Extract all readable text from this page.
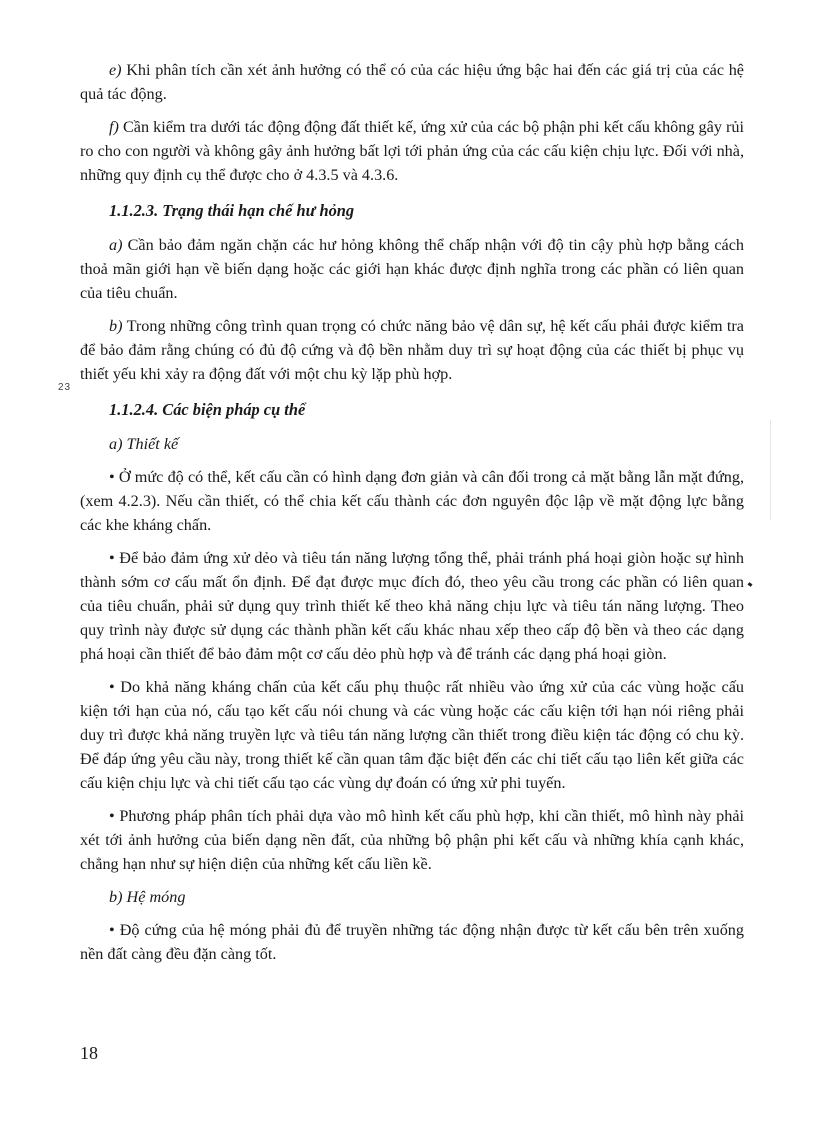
e) Khi phân tích cần xét ảnh hưởng có thể có của các hiệu ứng bậc hai đến các giá trị của các hệ quả tác động.

f) Cần kiểm tra dưới tác động động đất thiết kế, ứng xử của các bộ phận phi kết cấu không gây rủi ro cho con người và không gây ảnh hưởng bất lợi tới phản ứng của các cấu kiện chịu lực. Đối với nhà, những quy định cụ thể được cho ở 4.3.5 và 4.3.6.

1.1.2.3. Trạng thái hạn chế hư hỏng

a) Cần bảo đảm ngăn chặn các hư hỏng không thể chấp nhận với độ tin cậy phù hợp bằng cách thoả mãn giới hạn về biến dạng hoặc các giới hạn khác được định nghĩa trong các phần có liên quan của tiêu chuẩn.

b) Trong những công trình quan trọng có chức năng bảo vệ dân sự, hệ kết cấu phải được kiểm tra để bảo đảm rằng chúng có đủ độ cứng và độ bền nhằm duy trì sự hoạt động của các thiết bị phục vụ thiết yếu khi xảy ra động đất với một chu kỳ lặp phù hợp.

1.1.2.4. Các biện pháp cụ thể

a) Thiết kế

• Ở mức độ có thể, kết cấu cần có hình dạng đơn giản và cân đối trong cả mặt bằng lẫn mặt đứng, (xem 4.2.3). Nếu cần thiết, có thể chia kết cấu thành các đơn nguyên độc lập về mặt động lực bằng các khe kháng chấn.

• Để bảo đảm ứng xử dẻo và tiêu tán năng lượng tổng thể, phải tránh phá hoại giòn hoặc sự hình thành sớm cơ cấu mất ổn định. Để đạt được mục đích đó, theo yêu cầu trong các phần có liên quan của tiêu chuẩn, phải sử dụng quy trình thiết kế theo khả năng chịu lực và tiêu tán năng lượng. Theo quy trình này được sử dụng các thành phần kết cấu khác nhau xếp theo cấp độ bền và theo các dạng phá hoại cần thiết để bảo đảm một cơ cấu dẻo phù hợp và để tránh các dạng phá hoại giòn.

• Do khả năng kháng chấn của kết cấu phụ thuộc rất nhiều vào ứng xử của các vùng hoặc cấu kiện tới hạn của nó, cấu tạo kết cấu nói chung và các vùng hoặc các cấu kiện tới hạn nói riêng phải duy trì được khả năng truyền lực và tiêu tán năng lượng cần thiết trong điều kiện tác động có chu kỳ. Để đáp ứng yêu cầu này, trong thiết kế cần quan tâm đặc biệt đến các chi tiết cấu tạo liên kết giữa các cấu kiện chịu lực và chi tiết cấu tạo các vùng dự đoán có ứng xử phi tuyến.

• Phương pháp phân tích phải dựa vào mô hình kết cấu phù hợp, khi cần thiết, mô hình này phải xét tới ảnh hưởng của biến dạng nền đất, của những bộ phận phi kết cấu và những khía cạnh khác, chẳng hạn như sự hiện diện của những kết cấu liền kề.

b) Hệ móng

• Độ cứng của hệ móng phải đủ để truyền những tác động nhận được từ kết cấu bên trên xuống nền đất càng đều đặn càng tốt.

23
18
